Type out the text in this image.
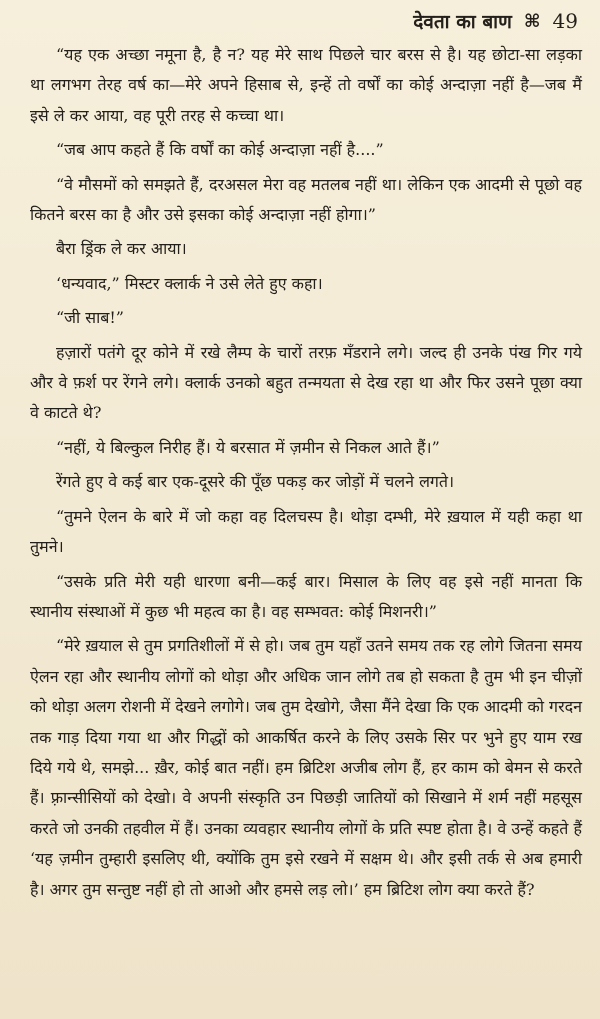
देवता का बाण ⌘ 49

“यह एक अच्छा नमूना है, है न? यह मेरे साथ पिछले चार बरस से है। यह छोटा-सा लड़का था लगभग तेरह वर्ष का—मेरे अपने हिसाब से, इन्हें तो वर्षों का कोई अन्दाज़ा नहीं है—जब मैं इसे ले कर आया, वह पूरी तरह से कच्चा था।

“जब आप कहते हैं कि वर्षों का कोई अन्दाज़ा नहीं है....”

“वे मौसमों को समझते हैं, दरअसल मेरा वह मतलब नहीं था। लेकिन एक आदमी से पूछो वह कितने बरस का है और उसे इसका कोई अन्दाज़ा नहीं होगा।”

बैरा ड्रिंक ले कर आया।

‘धन्यवाद,” मिस्टर क्लार्क ने उसे लेते हुए कहा।

“जी साब!”

हज़ारों पतंगे दूर कोने में रखे लैम्प के चारों तरफ़ मँडराने लगे। जल्द ही उनके पंख गिर गये और वे फ़र्श पर रेंगने लगे। क्लार्क उनको बहुत तन्मयता से देख रहा था और फिर उसने पूछा क्या वे काटते थे?

“नहीं, ये बिल्कुल निरीह हैं। ये बरसात में ज़मीन से निकल आते हैं।”

रेंगते हुए वे कई बार एक-दूसरे की पूँछ पकड़ कर जोड़ों में चलने लगते।

“तुमने ऐलन के बारे में जो कहा वह दिलचस्प है। थोड़ा दम्भी, मेरे ख़याल में यही कहा था तुमने।

“उसके प्रति मेरी यही धारणा बनी—कई बार। मिसाल के लिए वह इसे नहीं मानता कि स्थानीय संस्थाओं में कुछ भी महत्व का है। वह सम्भवत: कोई मिशनरी।”

“मेरे ख़याल से तुम प्रगतिशीलों में से हो। जब तुम यहाँ उतने समय तक रह लोगे जितना समय ऐलन रहा और स्थानीय लोगों को थोड़ा और अधिक जान लोगे तब हो सकता है तुम भी इन चीज़ों को थोड़ा अलग रोशनी में देखने लगोगे। जब तुम देखोगे, जैसा मैंने देखा कि एक आदमी को गरदन तक गाड़ दिया गया था और गिद्धों को आकर्षित करने के लिए उसके सिर पर भुने हुए याम रख दिये गये थे, समझे... ख़ैर, कोई बात नहीं। हम ब्रिटिश अजीब लोग हैं, हर काम को बेमन से करते हैं। फ़्रान्सीसियों को देखो। वे अपनी संस्कृति उन पिछड़ी जातियों को सिखाने में शर्म नहीं महसूस करते जो उनकी तहवील में हैं। उनका व्यवहार स्थानीय लोगों के प्रति स्पष्ट होता है। वे उन्हें कहते हैं ‘यह ज़मीन तुम्हारी इसलिए थी, क्योंकि तुम इसे रखने में सक्षम थे। और इसी तर्क से अब हमारी है। अगर तुम सन्तुष्ट नहीं हो तो आओ और हमसे लड़ लो।’ हम ब्रिटिश लोग क्या करते हैं?
